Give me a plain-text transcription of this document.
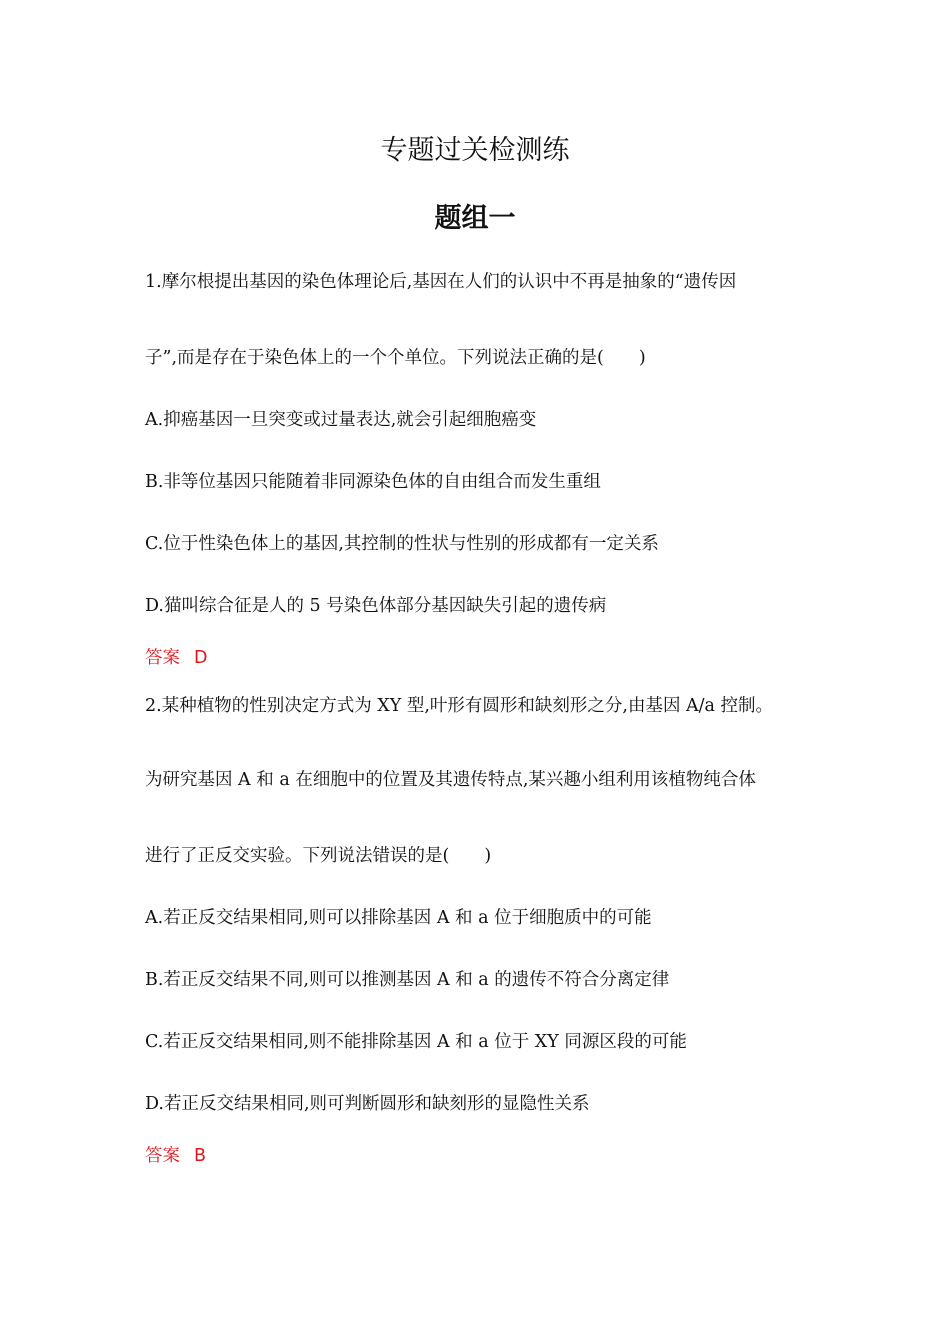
专题过关检测练
题组一
1.摩尔根提出基因的染色体理论后,基因在人们的认识中不再是抽象的“遗传因
子”,而是存在于染色体上的一个个单位。下列说法正确的是(　　)
A.抑癌基因一旦突变或过量表达,就会引起细胞癌变
B.非等位基因只能随着非同源染色体的自由组合而发生重组
C.位于性染色体上的基因,其控制的性状与性别的形成都有一定关系
D.猫叫综合征是人的 5 号染色体部分基因缺失引起的遗传病
答案 D
2.某种植物的性别决定方式为 XY 型,叶形有圆形和缺刻形之分,由基因 A/a 控制。
为研究基因 A 和 a 在细胞中的位置及其遗传特点,某兴趣小组利用该植物纯合体
进行了正反交实验。下列说法错误的是(　　)
A.若正反交结果相同,则可以排除基因 A 和 a 位于细胞质中的可能
B.若正反交结果不同,则可以推测基因 A 和 a 的遗传不符合分离定律
C.若正反交结果相同,则不能排除基因 A 和 a 位于 XY 同源区段的可能
D.若正反交结果相同,则可判断圆形和缺刻形的显隐性关系
答案 B
